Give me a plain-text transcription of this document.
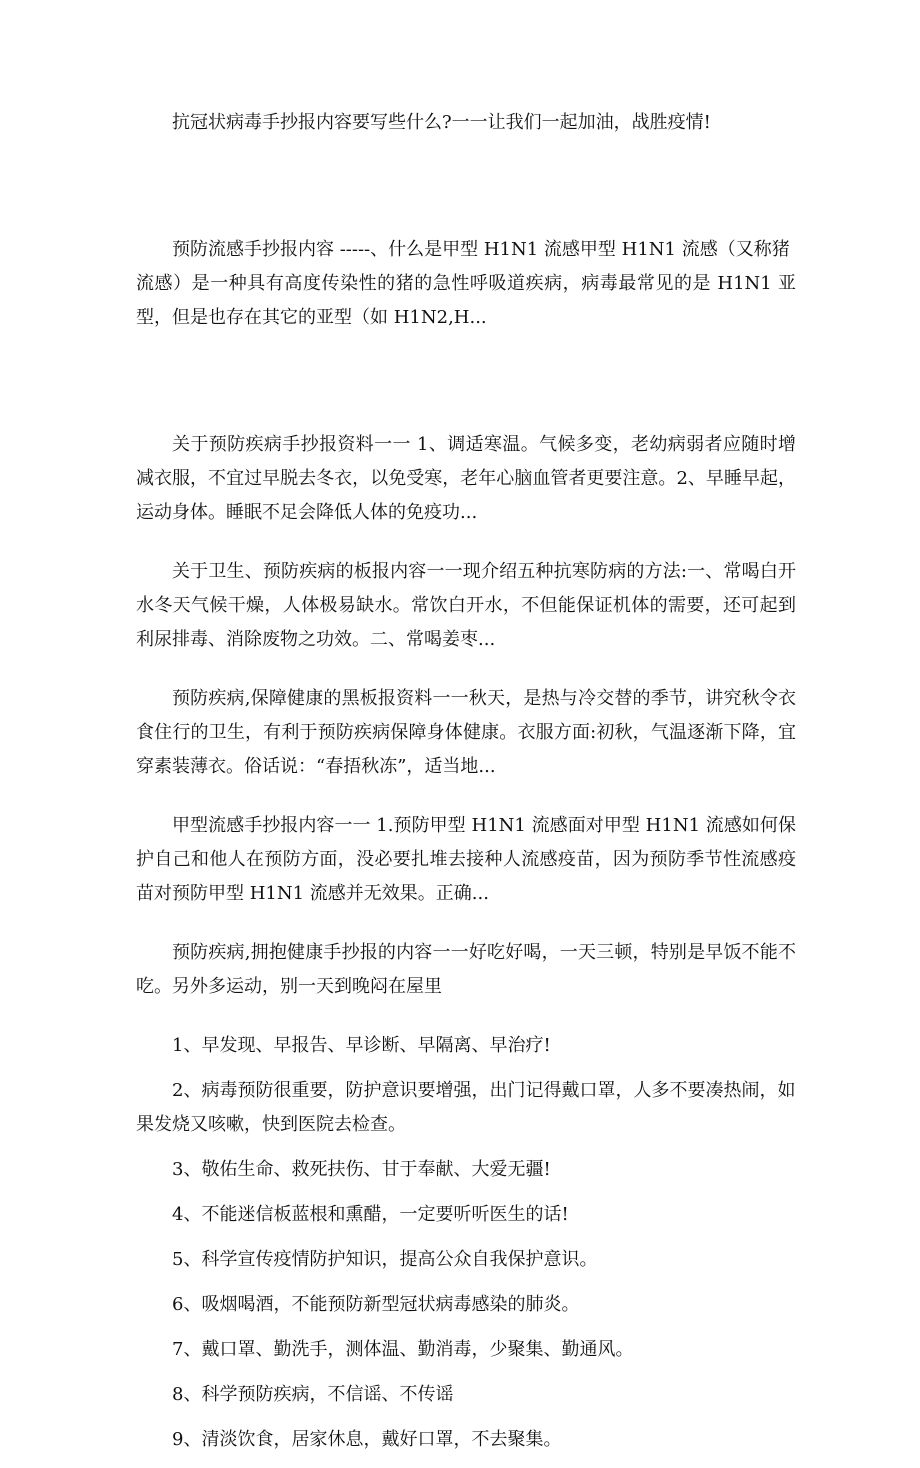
抗冠状病毒手抄报内容要写些什么?一一让我们一起加油，战胜疫情!

预防流感手抄报内容 -----、什么是甲型 H1N1 流感甲型 H1N1 流感（又称猪
流感）是一种具有高度传染性的猪的急性呼吸道疾病，病毒最常见的是 H1N1 亚型，但是也存在其它的亚型（如 H1N2,H...

关于预防疾病手抄报资料一一 1、调适寒温。气候多变，老幼病弱者应随时增减衣服，不宜过早脱去冬衣，以免受寒，老年心脑血管者更要注意。2、早睡早起，运动身体。睡眠不足会降低人体的免疫功...

关于卫生、预防疾病的板报内容一一现介绍五种抗寒防病的方法:一、常喝白开水冬天气候干燥，人体极易缺水。常饮白开水，不但能保证机体的需要，还可起到利尿排毒、消除废物之功效。二、常喝姜枣...

预防疾病,保障健康的黑板报资料一一秋天，是热与冷交替的季节，讲究秋令衣食住行的卫生，有利于预防疾病保障身体健康。衣服方面:初秋，气温逐渐下降，宜穿素装薄衣。俗话说：“春捂秋冻”，适当地...

甲型流感手抄报内容一一 1.预防甲型 H1N1 流感面对甲型 H1N1 流感如何保护自己和他人在预防方面，没必要扎堆去接种人流感疫苗，因为预防季节性流感疫苗对预防甲型 H1N1 流感并无效果。正确...

预防疾病,拥抱健康手抄报的内容一一好吃好喝，一天三顿，特别是早饭不能不吃。另外多运动，别一天到晚闷在屋里

1、早发现、早报告、早诊断、早隔离、早治疗!

2、病毒预防很重要，防护意识要增强，出门记得戴口罩，人多不要凑热闹，如果发烧又咳嗽，快到医院去检查。

3、敬佑生命、救死扶伤、甘于奉献、大爱无疆!

4、不能迷信板蓝根和熏醋，一定要听听医生的话!

5、科学宣传疫情防护知识，提高公众自我保护意识。

6、吸烟喝酒，不能预防新型冠状病毒感染的肺炎。

7、戴口罩、勤洗手，测体温、勤消毒，少聚集、勤通风。

8、科学预防疾病，不信谣、不传谣

9、清淡饮食，居家休息，戴好口罩，不去聚集。
